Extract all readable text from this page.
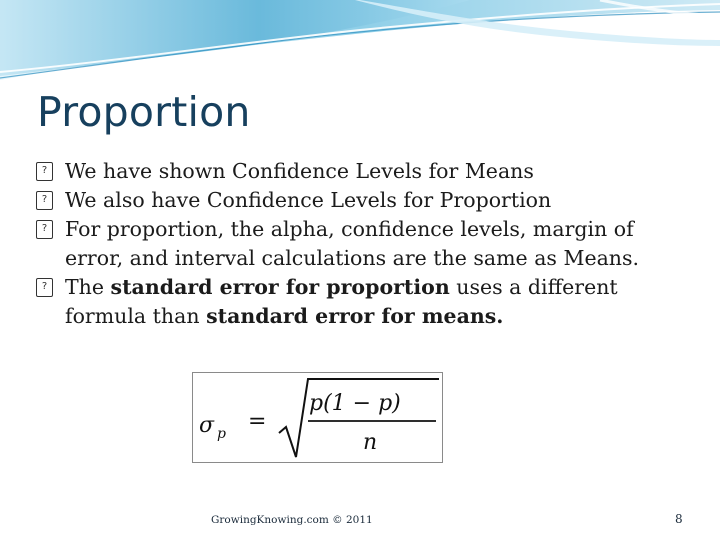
Proportion
? We have shown Confidence Levels for Means
? We also have Confidence Levels for Proportion
? For proportion, the alpha, confidence levels, margin of error, and interval calculations are the same as Means.
? The standard error for proportion uses a different formula than standard error for means.
σ p =
p(1 − p)
n
GrowingKnowing.com © 2011	8
